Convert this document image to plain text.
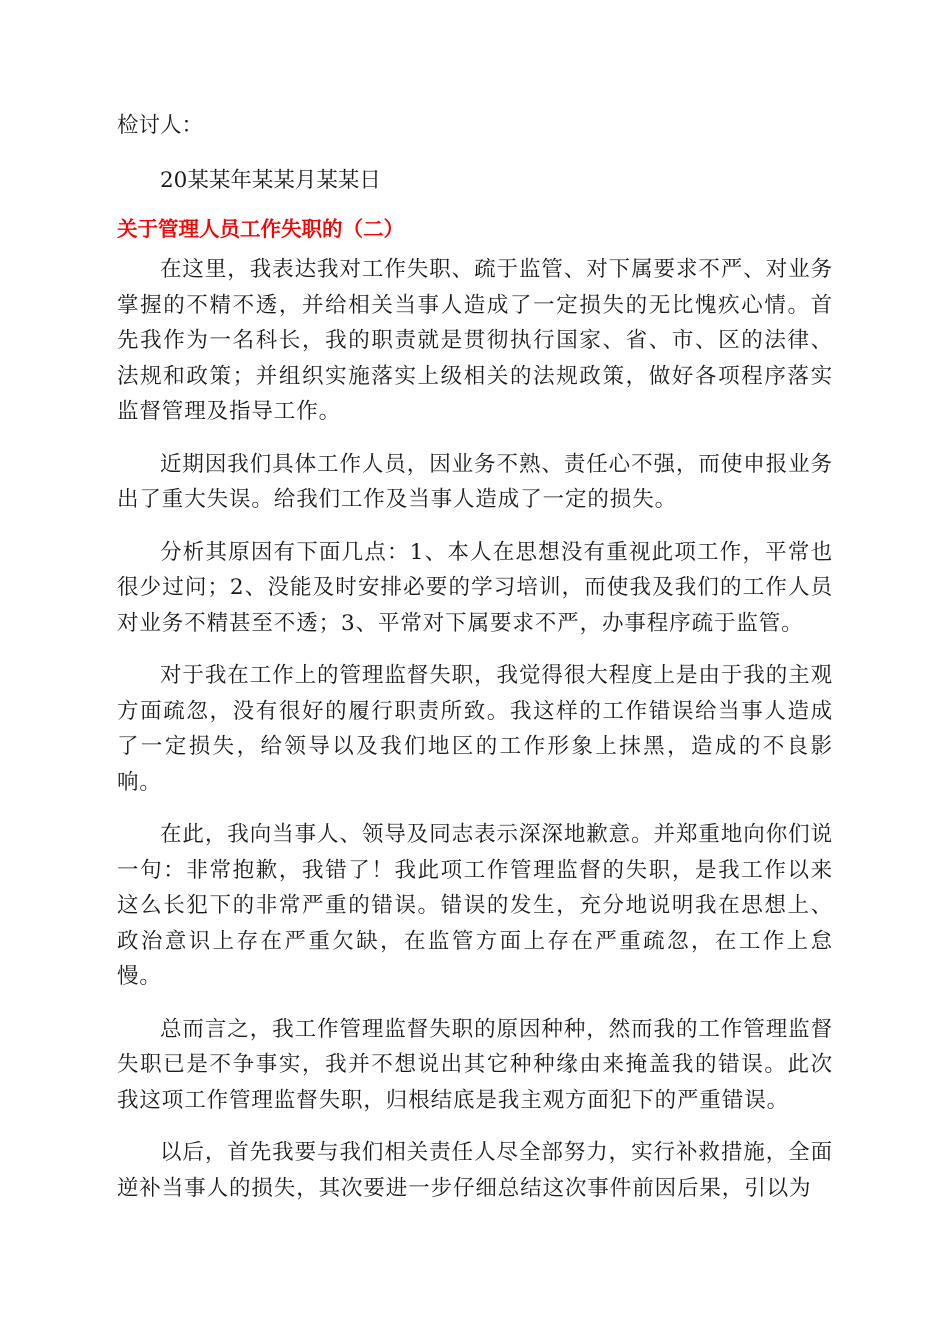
检讨人：

20某某年某某月某某日

关于管理人员工作失职的（二）

在这里，我表达我对工作失职、疏于监管、对下属要求不严、对业务掌握的不精不透，并给相关当事人造成了一定损失的无比愧疚心情。首先我作为一名科长，我的职责就是贯彻执行国家、省、市、区的法律、法规和政策；并组织实施落实上级相关的法规政策，做好各项程序落实监督管理及指导工作。

近期因我们具体工作人员，因业务不熟、责任心不强，而使申报业务出了重大失误。给我们工作及当事人造成了一定的损失。

分析其原因有下面几点：1、本人在思想没有重视此项工作，平常也很少过问；2、没能及时安排必要的学习培训，而使我及我们的工作人员对业务不精甚至不透；3、平常对下属要求不严，办事程序疏于监管。

对于我在工作上的管理监督失职，我觉得很大程度上是由于我的主观方面疏忽，没有很好的履行职责所致。我这样的工作错误给当事人造成了一定损失，给领导以及我们地区的工作形象上抹黑，造成的不良影响。

在此，我向当事人、领导及同志表示深深地歉意。并郑重地向你们说一句：非常抱歉，我错了！我此项工作管理监督的失职，是我工作以来这么长犯下的非常严重的错误。错误的发生，充分地说明我在思想上、政治意识上存在严重欠缺，在监管方面上存在严重疏忽，在工作上怠慢。

总而言之，我工作管理监督失职的原因种种，然而我的工作管理监督失职已是不争事实，我并不想说出其它种种缘由来掩盖我的错误。此次我这项工作管理监督失职，归根结底是我主观方面犯下的严重错误。

以后，首先我要与我们相关责任人尽全部努力，实行补救措施，全面逆补当事人的损失，其次要进一步仔细总结这次事件前因后果，引以为
